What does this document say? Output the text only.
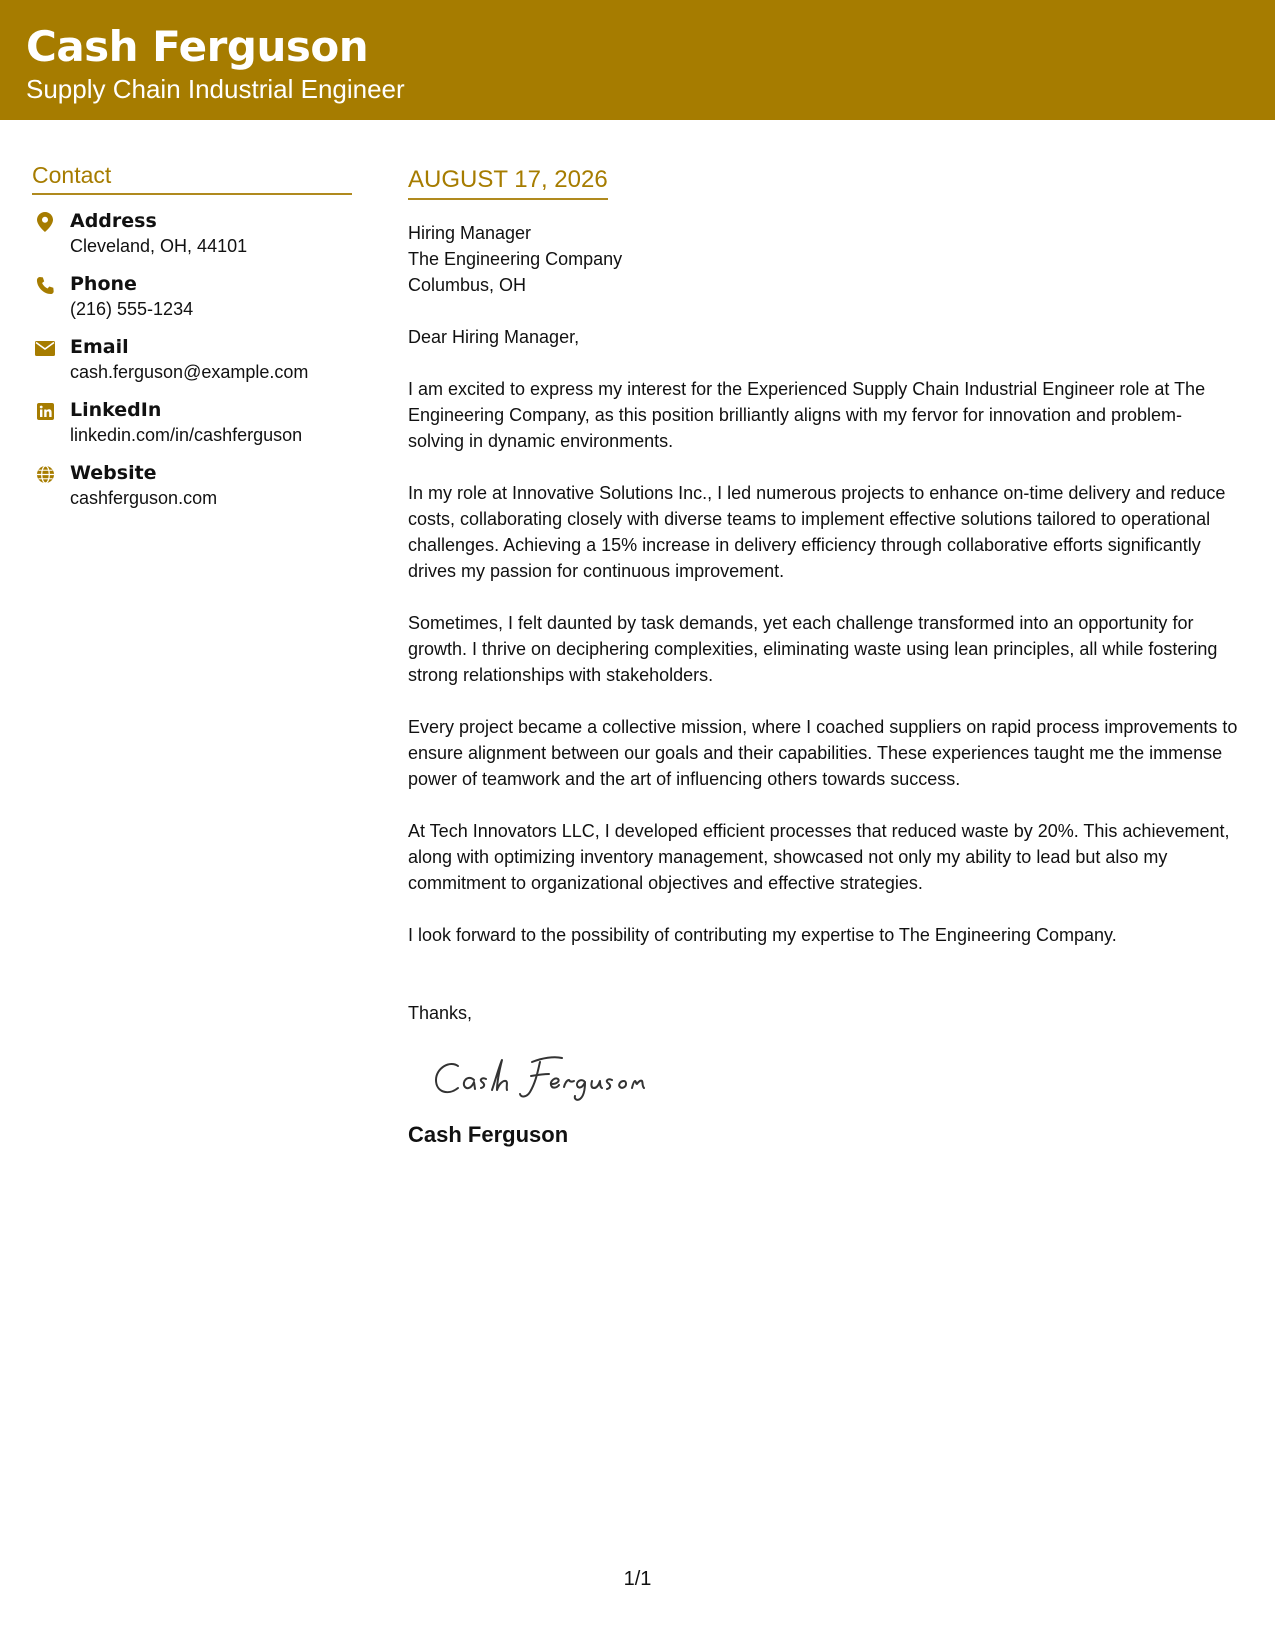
Cash Ferguson
Supply Chain Industrial Engineer
Contact
Address
Cleveland, OH, 44101
Phone
(216) 555-1234
Email
cash.ferguson@example.com
LinkedIn
linkedin.com/in/cashferguson
Website
cashferguson.com
AUGUST 17, 2026
Hiring Manager
The Engineering Company
Columbus, OH
Dear Hiring Manager,
I am excited to express my interest for the Experienced Supply Chain Industrial Engineer role at The Engineering Company, as this position brilliantly aligns with my fervor for innovation and problem-solving in dynamic environments.
In my role at Innovative Solutions Inc., I led numerous projects to enhance on-time delivery and reduce costs, collaborating closely with diverse teams to implement effective solutions tailored to operational challenges. Achieving a 15% increase in delivery efficiency through collaborative efforts significantly drives my passion for continuous improvement.
Sometimes, I felt daunted by task demands, yet each challenge transformed into an opportunity for growth. I thrive on deciphering complexities, eliminating waste using lean principles, all while fostering strong relationships with stakeholders.
Every project became a collective mission, where I coached suppliers on rapid process improvements to ensure alignment between our goals and their capabilities. These experiences taught me the immense power of teamwork and the art of influencing others towards success.
At Tech Innovators LLC, I developed efficient processes that reduced waste by 20%. This achievement, along with optimizing inventory management, showcased not only my ability to lead but also my commitment to organizational objectives and effective strategies.
I look forward to the possibility of contributing my expertise to The Engineering Company.
Thanks,
Cash Ferguson
1/1
